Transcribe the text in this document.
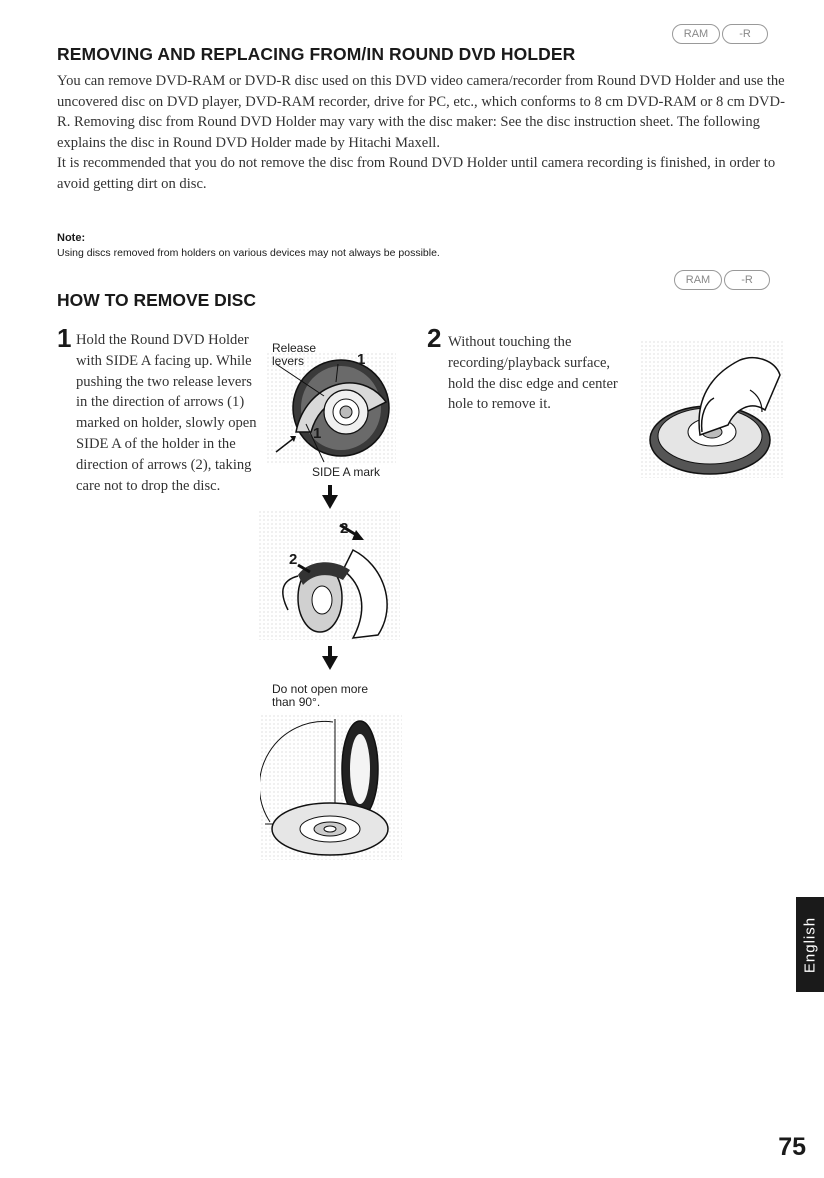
RAM	-R
REMOVING AND REPLACING FROM/IN ROUND DVD HOLDER

You can remove DVD-RAM or DVD-R disc used on this DVD video camera/recorder from Round DVD Holder and use the uncovered disc on DVD player, DVD-RAM recorder, drive for PC, etc., which conforms to 8 cm DVD-RAM or 8 cm DVD-R. Removing disc from Round DVD Holder may vary with the disc maker: See the disc instruction sheet. The following explains the disc in Round DVD Holder made by Hitachi Maxell.

It is recommended that you do not remove the disc from Round DVD Holder until camera recording is finished, in order to avoid getting dirt on disc.

Note:
Using discs removed from holders on various devices may not always be possible.
RAM	-R
HOW TO REMOVE DISC
1 Hold the Round DVD Holder with SIDE A facing up. While pushing the two release levers in the direction of arrows (1) marked on holder, slowly open SIDE A of the holder in the direction of arrows (2), taking care not to drop the disc.
Release levers	1
1
SIDE A mark
2
2
Do not open more than 90°.
2 Without touching the recording/playback surface, hold the disc edge and center hole to remove it.
English
75
